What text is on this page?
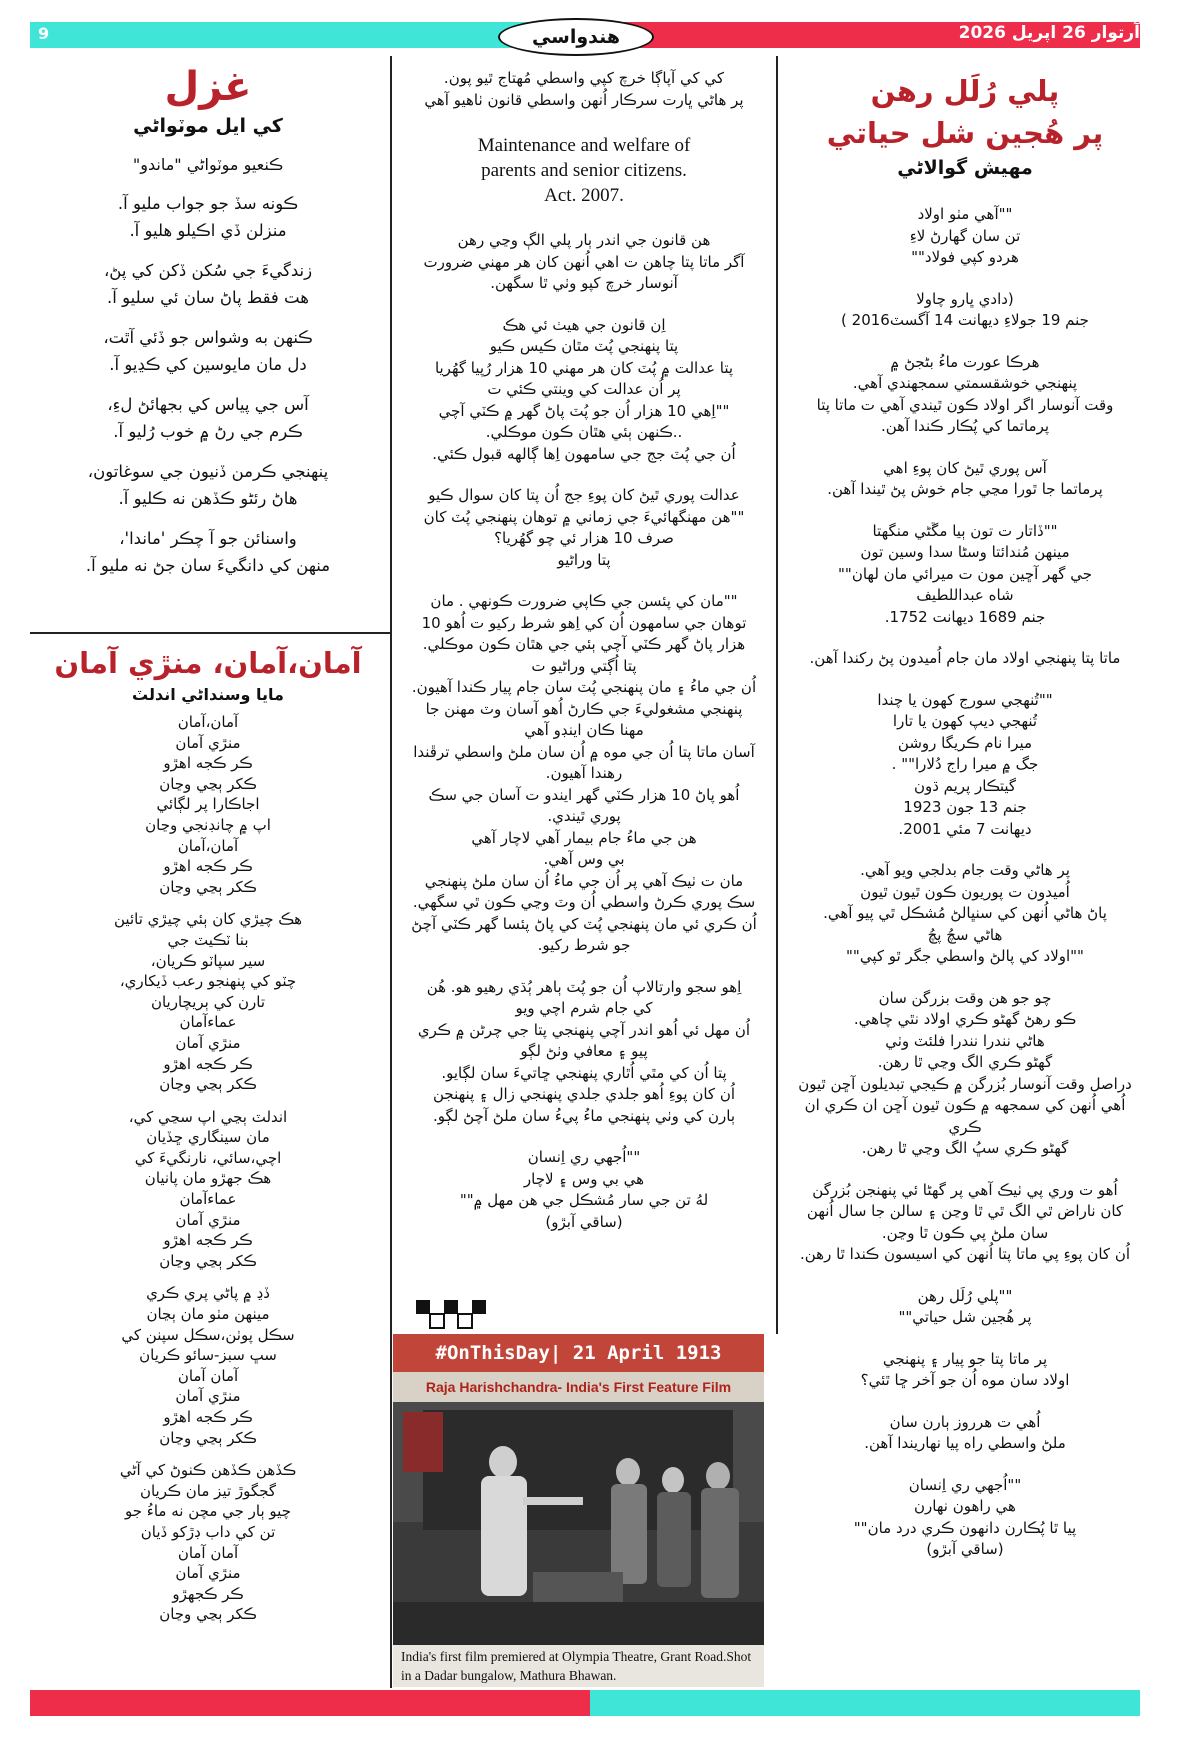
9	آرتوار 26 اپريل 2026
هندواسي

پلي رُلَل رهن

پر هُجين شل حياتي

مهيش گوالاڻي

""آهي مٺو اولاد

تن سان گهارڻ لاءِ

هردو کپي فولاد""

(دادي ڀارو چاولا

جنم 19 جولاءِ ديهانت 14 آگسٽ2016 )

هرڪا عورت ماءُ بڻجڻ ۾

پنهنجي خوشقسمتي سمجهندي آهي.

وقت آنوسار اگر اولاد ڪون ٿيندي آهي ت ماتا پتا

پرماتما کي پُڪار ڪندا آهن.

آس پوري ٿيڻ کان پوءِ اهي

پرماتما جا ٿورا مڃي جام خوش پڻ ٿيندا آهن.

""ڏاتار ت تون ٻيا مڱڻي منگهتا

مينهن مُندائتا وسڻا سدا وسين تون

جي گهر آڇين مون ت ميرائي مان لهان""

شاه عبداللطيف

جنم 1689 ديهانت 1752.

ماتا پتا پنهنجي اولاد مان جام اُميدون پڻ رکندا آهن.

""تُنهجي سورج کهون يا چندا

تُنهجي ديپ کهون يا تارا

ميرا نام ڪريگا روشن

جگ ۾ ميرا راج دُلارا"" .

گيتڪار پريم ڌون

جنم 13 جون 1923

ديهانت 7 مئي 2001.

پر هاڻي وقت جام بدلجي ويو آهي.

اُميدون ت پوريون ڪون ٿيون ٿيون

پاڻ هاڻي اُنهن کي سنڀالڻ مُشڪل ٿي پيو آهي.

هاڻي سچُ پچُ

""اولاد کي پالڻ واسطي جگر ٿو کپي""

چو جو هن وقت بزرگن سان

ڪو رهڻ گهڻو ڪري اولاد نٿي چاهي.

هاڻي نندرا نندرا فلئٽ وٺي

گهڻو ڪري الگ وڃي ٿا رهن.

دراصل وقت آنوسار بُزرگن ۾ ڪيجي تبديلون آڇن ٿيون

اُهي اُنهن کي سمجهه ۾ ڪون ٿيون آڇن ان ڪري ان ڪري

گهڻو ڪري سڀُ الگ وڃي ٿا رهن.

اُهو ت وري پي ٺيڪ آهي پر گهڻا ئي پنهنجن بُزرگن

کان ناراض ٿي الگ ٿي ٿا وڃن ۽ سالن جا سال اُنهن

سان ملڻ پي ڪون ٿا وڃن.

اُن کان پوءِ پي ماتا پتا اُنهن کي اسيسون ڪندا ٿا رهن.

""پلي رُلَل رهن

پر هُجين شل حياتي""

پر ماتا پتا جو پيار ۽ پنهنجي

اولاد سان موه اُن جو آخر ڇا ٿئي؟

اُهي ت هرروز ٻارن سان

ملڻ واسطي راه پيا نهاريندا آهن.

""اُجهي ري اِنسان

هي راهون نهارن

پيا ٿا پُڪارن دانهون ڪري درد مان""

(ساقي آبڙو)

کي کي آپاڳا خرچ کپي واسطي مُهتاج ٿيو پون.

پر هاڻي ڀارت سرڪار اُنهن واسطي قانون ٺاهيو آهي

Maintenance and welfare of

parents and senior citizens.

Act. 2007.

هن قانون جي اندر ٻار پلي الڳ وڃي رهن

آگر ماتا پتا چاهن ت اهي اُنهن کان هر مهني ضرورت

آنوسار خرچ کپو وٺي ٿا سگهن.

اِن قانون جي هيٺ ئي هڪ

پتا پنهنجي پُٽ مٿان ڪيس ڪيو

پتا عدالت ۾ پُٽ کان هر مهني 10 هزار رُپيا گهُريا

پر اُن عدالت کي وينتي ڪئي ت

""اِهي 10 هزار اُن جو پُٽ پاڻ گهر ۾ ڪٽي آچي

..ڪنهن ٻئي هٿان ڪون موڪلي.

اُن جي پُٽ جج جي سامهون اِها ڳالهه قبول ڪئي.

عدالت پوري ٿيڻ کان پوءِ جج اُن پتا کان سوال ڪيو

""هن مهنگهائيءَ جي زماني ۾ توهان پنهنجي پُٽ کان

صرف 10 هزار ئي چو گهُريا؟

پتا وراڻيو

""مان کي پئسن جي ڪاپي ضرورت ڪونهي . مان

توهان جي سامهون اُن کي اِهو شرط رکيو ت اُهو 10

هزار پاڻ گهر ڪٽي آچي ٻئي جي هٿان ڪون موڪلي.

پتا اُڳتي وراڻيو ت

اُن جي ماءُ ۽ مان پنهنجي پُٽ سان جام پيار ڪندا آهيون.

پنهنجي مشغوليءَ جي ڪارڻ اُهو آسان وٽ مهنن جا

مهنا ڪان اينڊو آهي

آسان ماتا پتا اُن جي موه ۾ اُن سان ملڻ واسطي ترڦندا

رهندا آهيون.

اُهو پاڻ 10 هزار ڪٽي گهر ايندو ت آسان جي سڪ

پوري ٿيندي.

هن جي ماءُ جام بيمار آهي لاچار آهي

بي وس آهي.

مان ت ٺيڪ آهي پر اُن جي ماءُ اُن سان ملڻ پنهنجي

سڪ پوري ڪرڻ واسطي اُن وٽ وڃي ڪون ٿي سگهي.

اُن ڪري ئي مان پنهنجي پُٽ کي پاڻ پئسا گهر ڪٽي آچڻ

جو شرط رکيو.

اِهو سجو وارتالاپ اُن جو پُٽ ٻاهر ٻُڌي رهيو هو. هُن

کي جام شرم اچي ويو

اُن مهل ئي اُهو اندر آچي پنهنجي پتا جي چرڻن ۾ ڪري

پيو ۽ معافي وٺڻ لڳو

پتا اُن کي مٿي اُٿاري پنهنجي ڇاتيءَ سان لڳايو.

اُن کان پوءِ اُهو جلدي جلدي پنهنجي زال ۽ پنهنجن

ٻارن کي وٺي پنهنجي ماءُ پيءُ سان ملڻ آچڻ لڳو.

""اُجهي ري اِنسان

هي بي وس ۽ لاچار

لهُ تن جي سار مُشڪل جي هن مهل ۾""

(ساقي آبڙو)

#OnThisDay| 21 April 1913
Raja Harishchandra- India's First Feature Film
India's first film premiered at Olympia Theatre, Grant Road.Shot in a Dadar bungalow, Mathura Bhawan.

غزل

کي ايل موٽواڻي

ڪنعيو موٽواڻي "ماندو"

ڪونه سڏ جو جواب مليو آ.

منزلن ڏي اڪيلو هليو آ.

زندگيءَ جي سُکن ڏکن کي پڻ،

هت فقط پاڻ سان ئي سليو آ.

ڪنهن به وشواس جو ڏئي آٿت،

دل مان مايوسين کي ڪڍيو آ.

آس جي پياس کي بجهائڻ لءِ،

ڪرم جي رڻ ۾ خوب رُليو آ.

پنهنجي ڪرمن ڏنيون جي سوغاتون،

هاڻ رئڻو ڪڏهن نه ڪليو آ.

واسنائن جو آ چڪر 'ماندا'،

منهن کي دانگيءَ سان جڻ نه مليو آ.

آمان،آمان، منڙي آمان

مايا وسنداڻي اندلٽ

آمان،آمان

منڙي آمان

ڪر ڪجه اهڙو

ڪکر ٻڃي وڃان

اجاڪارا پر لڳائي

اپ ۾ چانڊنجي وڃان

آمان،آمان

ڪر ڪجه اهڙو

ڪکر ٻڃي وڃان

هڪ چيڙي کان ٻئي چيڙي تائين

بنا ٽڪيٽ جي

سير سپاٽو ڪريان،

چٽو کي پنهنجو رعب ڏيکاري،

تارن کي ٻريچاريان

عماءآمان

منڙي آمان

ڪر ڪجه اهڙو

ڪکر ٻڃي وڃان

اندلٽ ٻڃي اپ سڃي کي،

مان سينگاري ڇڏيان

اچي،سائي، نارنگيءَ کي

هڪ جهڙو مان پانيان

عماءآمان

منڙي آمان

ڪر ڪجه اهڙو

ڪکر ٻڃي وڃان

ڏڍ ۾ پاڻي پري ڪري

مينهن مٺو مان ٻڃان

سڪل پوٺن،سڪل سپنن کي

سڀ سبز-سائو ڪريان

آمان آمان

منڙي آمان

ڪر ڪجه اهڙو

ڪکر ٻڃي وڃان

ڪڏهن ڪڏهن ڪنوڻ کي آڻي

گجگوڙ تيز مان ڪريان

چيو ٻار جي مچن نه ماءُ جو

تن کي داب ڊڙکو ڏيان

آمان آمان

منڙي آمان

ڪر ڪجهڙو

ڪکر ٻڃي وڃان
